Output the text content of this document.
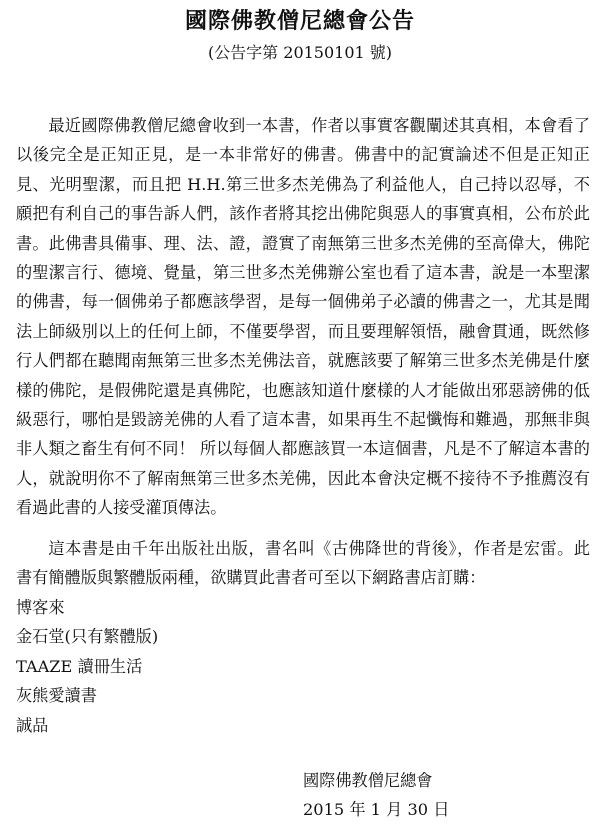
國際佛教僧尼總會公告
(公告字第 20150101 號)

最近國際佛教僧尼總會收到一本書，作者以事實客觀闡述其真相，本會看了以後完全是正知正見，是一本非常好的佛書。佛書中的記實論述不但是正知正見、光明聖潔，而且把 H.H.第三世多杰羌佛為了利益他人，自己持以忍辱，不願把有利自己的事告訴人們，該作者將其挖出佛陀與惡人的事實真相，公布於此書。此佛書具備事、理、法、證，證實了南無第三世多杰羌佛的至高偉大，佛陀的聖潔言行、德境、覺量，第三世多杰羌佛辦公室也看了這本書，說是一本聖潔的佛書，每一個佛弟子都應該學習，是每一個佛弟子必讀的佛書之一，尤其是聞法上師級別以上的任何上師，不僅要學習，而且要理解領悟，融會貫通，既然修行人們都在聽聞南無第三世多杰羌佛法音，就應該要了解第三世多杰羌佛是什麼樣的佛陀，是假佛陀還是真佛陀，也應該知道什麼樣的人才能做出邪惡謗佛的低級惡行，哪怕是毀謗羌佛的人看了這本書，如果再生不起懺悔和難過，那無非與非人類之畜生有何不同！ 所以每個人都應該買一本這個書，凡是不了解這本書的人，就說明你不了解南無第三世多杰羌佛，因此本會決定概不接待不予推薦沒有看過此書的人接受灌頂傳法。

這本書是由千年出版社出版，書名叫《古佛降世的背後》，作者是宏雷。此書有簡體版與繁體版兩種，欲購買此書者可至以下網路書店訂購：

博客來
金石堂(只有繁體版)
TAAZE 讀冊生活
灰熊愛讀書
誠品
國際佛教僧尼總會
2015 年 1 月 30 日
